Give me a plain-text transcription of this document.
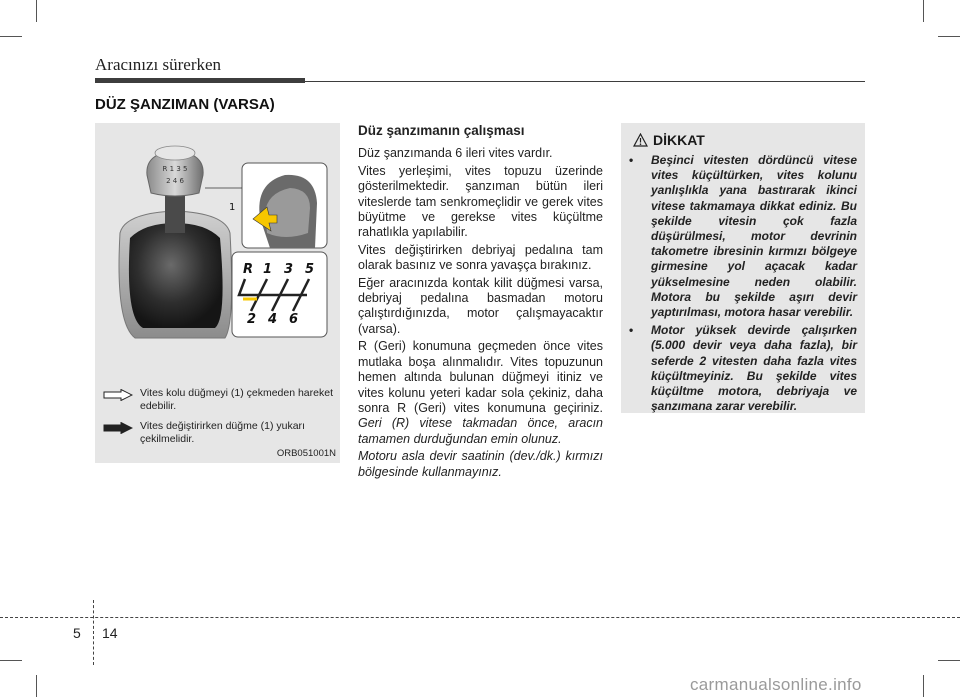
Aracınızı sürerken
DÜZ ŞANZIMAN (VARSA)
R 1 3 5
2 4 6
1
R 1 3 5
2 4 6
Vites kolu düğmeyi (1) çekmeden hareket edebilir.
Vites değiştirirken düğme (1) yukarı çekilmelidir.
ORB051001N
Düz şanzımanın çalışması

Düz şanzımanda 6 ileri vites vardır.

Vites yerleşimi, vites topuzu üzerinde gösterilmektedir. şanzıman bütün ileri viteslerde tam senkromeçlidir ve gerek vites büyütme ve gerekse vites küçültme rahatlıkla yapılabilir.

Vites değiştirirken debriyaj pedalına tam olarak basınız ve sonra yavaşça bırakınız.

Eğer aracınızda kontak kilit düğmesi varsa, debriyaj pedalına basmadan motoru çalıştırdığınızda, motor çalışmayacaktır (varsa).

R (Geri) konumuna geçmeden önce vites mutlaka boşa alınmalıdır. Vites topuzunun hemen altında bulunan düğmeyi itiniz ve vites kolunu yeteri kadar sola çekiniz, daha sonra R (Geri) vites konumuna geçiriniz. Geri (R) vitese takmadan önce, aracın tamamen durduğundan emin olunuz.

Motoru asla devir saatinin (dev./dk.) kırmızı bölgesinde kullanmayınız.

DİKKAT
• Beşinci vitesten dördüncü vitese vites küçültürken, vites kolunu yanlışlıkla yana bastırarak ikinci vitese takmamaya dikkat ediniz. Bu şekilde vitesin çok fazla düşürülmesi, motor devrinin takometre ibresinin kırmızı bölgeye girmesine yol açacak kadar yükselmesine neden olabilir. Motora bu şekilde aşırı devir yaptırılması, motora hasar verebilir.
• Motor yüksek devirde çalışırken (5.000 devir veya daha fazla), bir seferde 2 vitesten daha fazla vites küçültmeyiniz. Bu şekilde vites küçültme motora, debriyaja ve şanzımana zarar verebilir.
5 14
carmanualsonline.info
